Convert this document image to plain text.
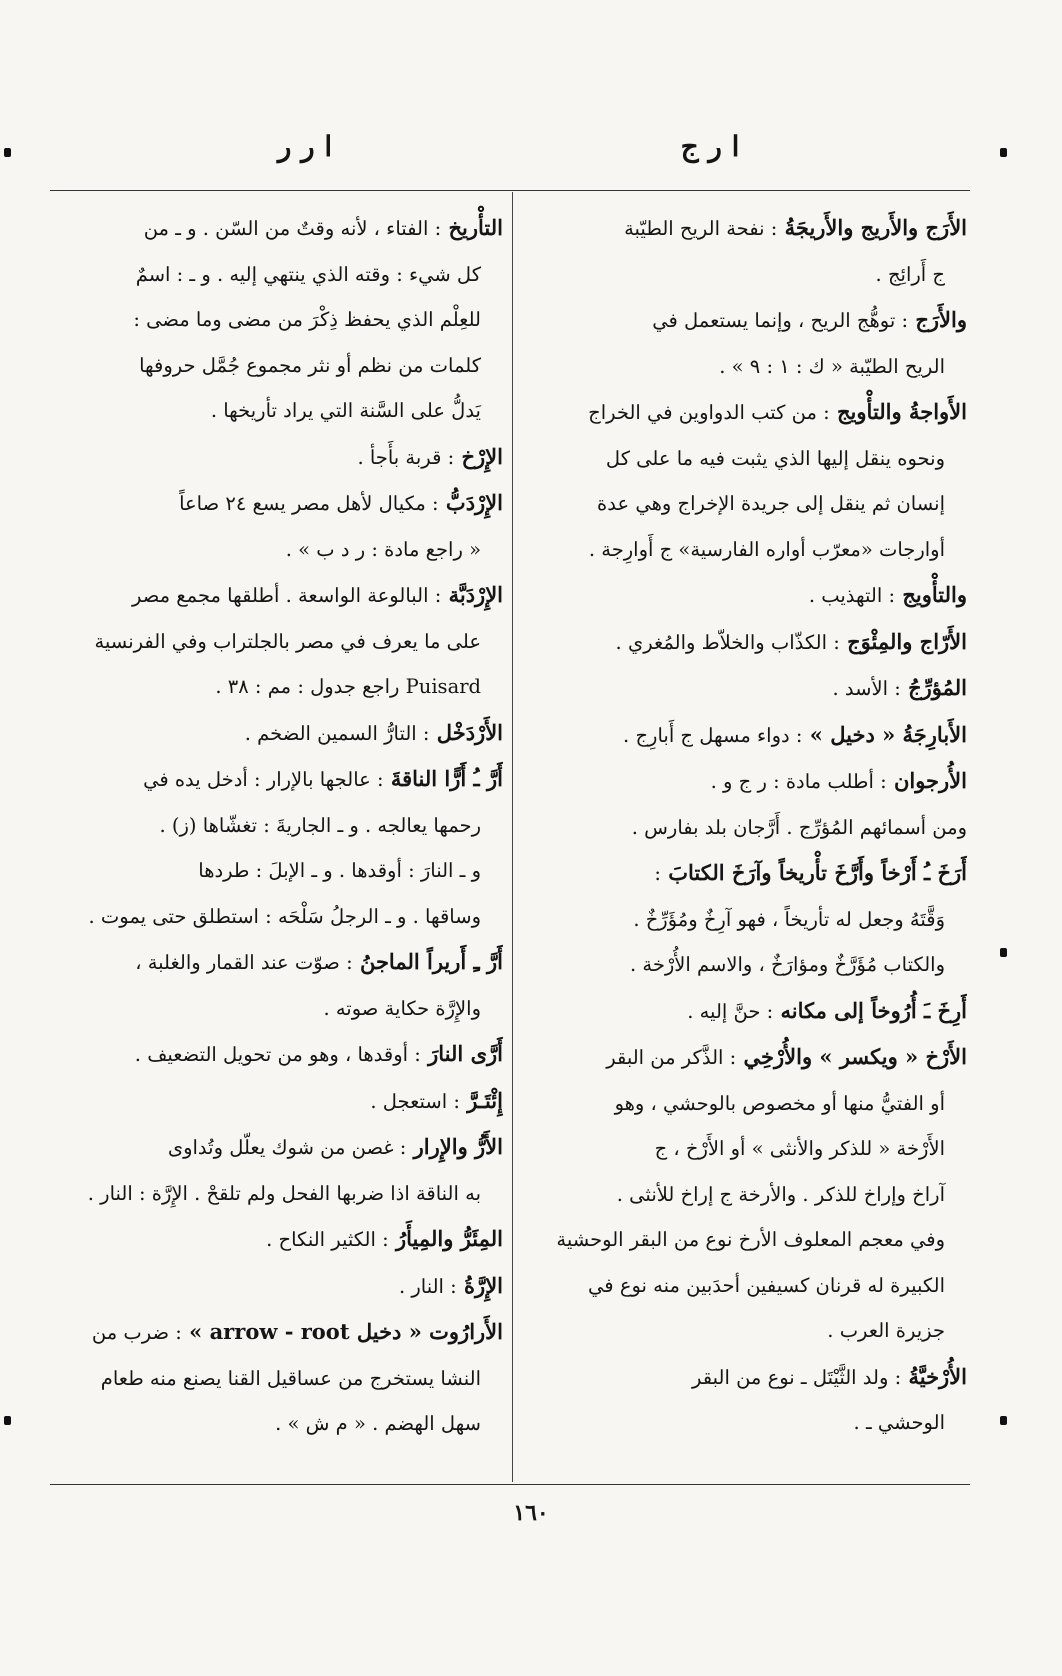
ا ر ج
ا ر ر
الأَرَج والأَريج والأَريجَةُ : نفحة الريح الطيّبة
ج أَرائِج .
والأَرَج : توهُّج الريح ، وإنما يستعمل في
الريح الطيّبة « ك : ١ : ٩ » .
الأَواجةُ والتأْويج : من كتب الدواوين في الخراج
ونحوه ينقل إليها الذي يثبت فيه ما على كل
إنسان ثم ينقل إلى جريدة الإخراج وهي عدة
أوارجات «معرّب أواره الفارسية» ج أَوارِجة .
والتأْويج : التهذيب .
الأَرّاج والمِئْوَج : الكذّاب والخلاّط والمُغري .
المُؤرِّجُ : الأسد .
الأَبارِجَةُ « دخيل » : دواء مسهل ج أَبارِج .
الأُرجوان : أطلب مادة : ر ج و .
ومن أسمائهم المُؤرِّج . أَرَّجان بلد بفارس .
أَرَخَ ـُ أَرْخاً وأَرَّخَ تأْريخاً وآرَخَ الكتابَ :
وَقَّتَهُ وجعل له تأريخاً ، فهو آرِخٌ ومُؤَرِّخٌ .
والكتاب مُؤَرَّخٌ ومؤارَخٌ ، والاسم الأُرْخة .
أَرِخَ ـَ أُرُوخاً إلى مكانه : حنَّ إليه .
الأَرْخ « ويكسر » والأُرْخِي : الذَّكر من البقر
أو الفتيُّ منها أو مخصوص بالوحشي ، وهو
الأَرْخة « للذكر والأنثى » أو الأَرْخ ، ج
آراخ وإراخ للذكر . والأرخة ج إراخ للأنثى .
وفي معجم المعلوف الأرخ نوع من البقر الوحشية
الكبيرة له قرنان كسيفين أحدَبين منه نوع في
جزيرة العرب .
الأُرْخيَّةُ : ولد الثَّيْتَل ـ نوع من البقر
الوحشي ـ .
التأْريخ : الفتاء ، لأنه وقتٌ من السّن . و ـ من
كل شيء : وقته الذي ينتهي إليه . و ـ : اسمٌ
للعِلْم الذي يحفظ ذِكْرَ من مضى وما مضى :
كلمات من نظم أو نثر مجموع جُمَّل حروفها
يَدلُّ على السَّنة التي يراد تأريخها .
الإِرْخ : قربة بأَجأ .
الإِرْدَبُّ : مكيال لأهل مصر يسع ٢٤ صاعاً
« راجع مادة : ر د ب » .
الإِرْدَبَّة : البالوعة الواسعة . أطلقها مجمع مصر
على ما يعرف في مصر بالجلتراب وفي الفرنسية
Puisard راجع جدول : مم : ٣٨ .
الأَرْدَخْل : التارُّ السمين الضخم .
أَرَّ ـُ أَرًّا الناقةَ : عالجها بالإرار : أدخل يده في
رحمها يعالجه . و ـ الجاريةَ : تغشّاها (ز) .
و ـ النارَ : أوقدها . و ـ الإبلَ : طردها
وساقها . و ـ الرجلُ سَلْحَه : استطلق حتى يموت .
أَرَّ ـِ أَريراً الماجنُ : صوّت عند القمار والغلبة ،
والإِرَّة حكاية صوته .
أَرَّى النارَ : أوقدها ، وهو من تحويل التضعيف .
إِئْتَـرَّ : استعجل .
الأَرُّ والإِرار : غصن من شوك يعلّل وتُداوى
به الناقة اذا ضربها الفحل ولم تلقحْ . الإِرَّة : النار .
المِئَرُّ والمِيأَرُ : الكثير النكاح .
الإِرَّةُ : النار .
الأَرارُوت « دخيل arrow - root » : ضرب من
النشا يستخرج من عساقيل القنا يصنع منه طعام
سهل الهضم . « م ش » .
١٦٠
